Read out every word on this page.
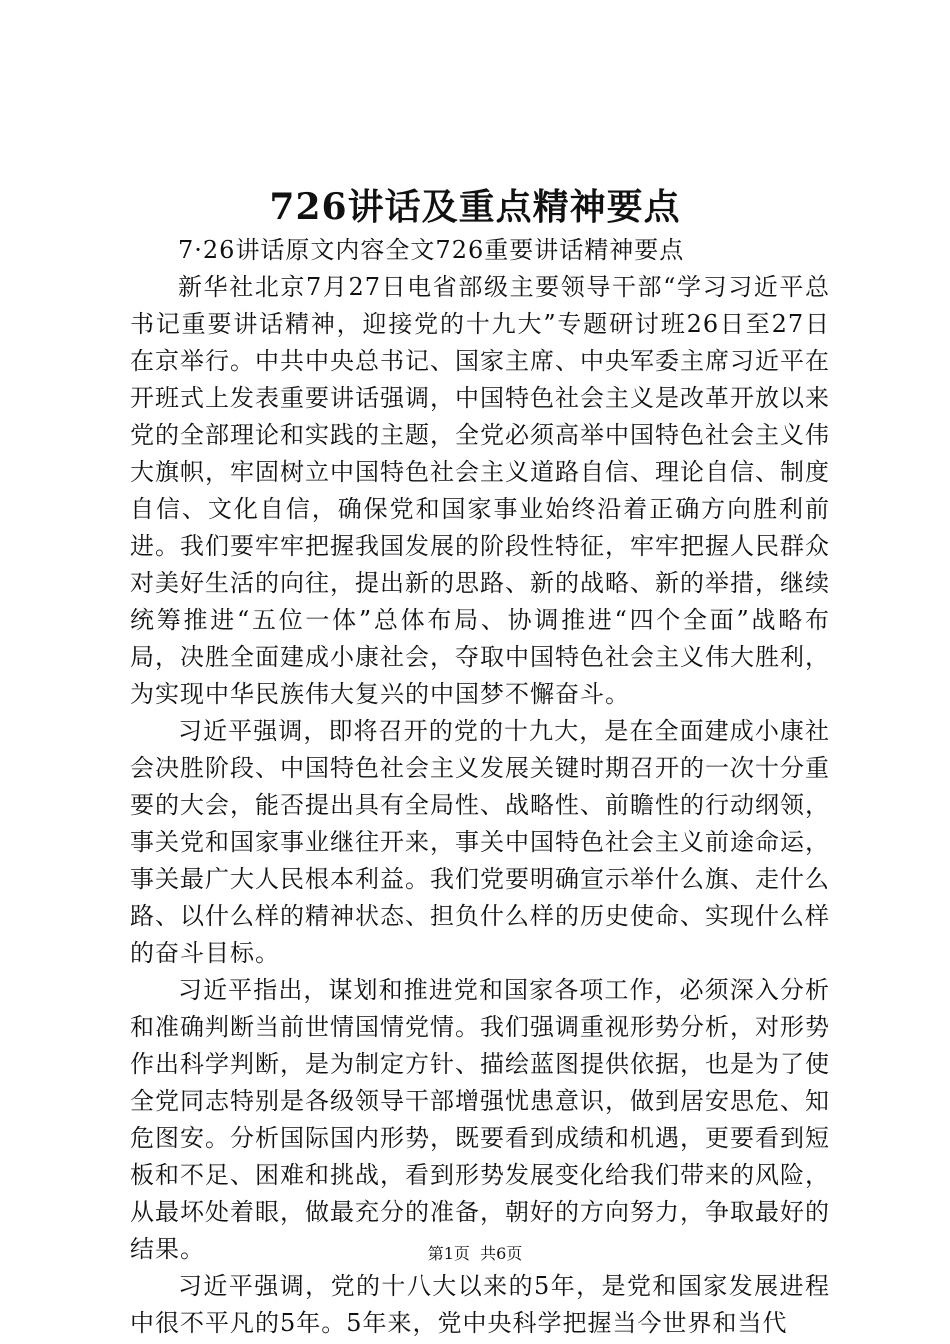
726讲话及重点精神要点

7·26讲话原文内容全文726重要讲话精神要点

新华社北京7月27日电省部级主要领导干部“学习习近平总书记重要讲话精神，迎接党的十九大”专题研讨班26日至27日在京举行。中共中央总书记、国家主席、中央军委主席习近平在开班式上发表重要讲话强调，中国特色社会主义是改革开放以来党的全部理论和实践的主题，全党必须高举中国特色社会主义伟大旗帜，牢固树立中国特色社会主义道路自信、理论自信、制度自信、文化自信，确保党和国家事业始终沿着正确方向胜利前进。我们要牢牢把握我国发展的阶段性特征，牢牢把握人民群众对美好生活的向往，提出新的思路、新的战略、新的举措，继续统筹推进“五位一体”总体布局、协调推进“四个全面”战略布局，决胜全面建成小康社会，夺取中国特色社会主义伟大胜利，为实现中华民族伟大复兴的中国梦不懈奋斗。

习近平强调，即将召开的党的十九大，是在全面建成小康社会决胜阶段、中国特色社会主义发展关键时期召开的一次十分重要的大会，能否提出具有全局性、战略性、前瞻性的行动纲领，事关党和国家事业继往开来，事关中国特色社会主义前途命运，事关最广大人民根本利益。我们党要明确宣示举什么旗、走什么路、以什么样的精神状态、担负什么样的历史使命、实现什么样的奋斗目标。

习近平指出，谋划和推进党和国家各项工作，必须深入分析和准确判断当前世情国情党情。我们强调重视形势分析，对形势作出科学判断，是为制定方针、描绘蓝图提供依据，也是为了使全党同志特别是各级领导干部增强忧患意识，做到居安思危、知危图安。分析国际国内形势，既要看到成绩和机遇，更要看到短板和不足、困难和挑战，看到形势发展变化给我们带来的风险，从最坏处着眼，做最充分的准备，朝好的方向努力，争取最好的结果。

习近平强调，党的十八大以来的5年，是党和国家发展进程中很不平凡的5年。5年来，党中央科学把握当今世界和当代

第1页  共6页
